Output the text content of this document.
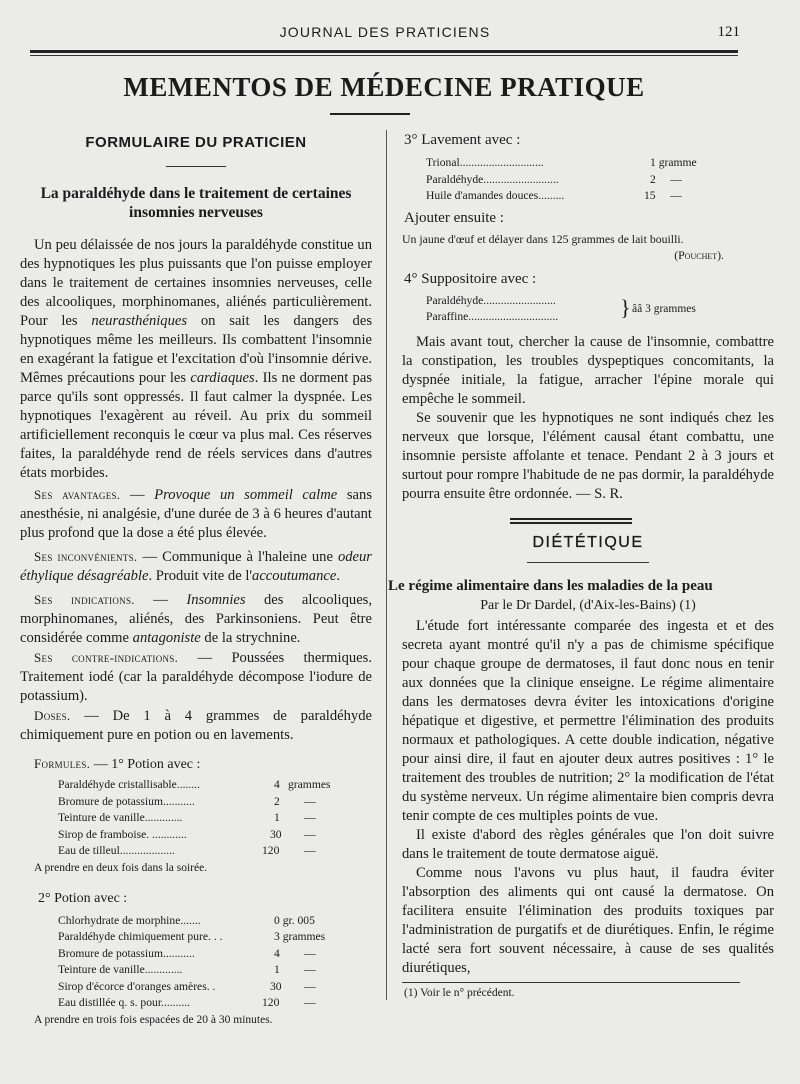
JOURNAL DES PRATICIENS	121
MEMENTOS DE MÉDECINE PRATIQUE
FORMULAIRE DU PRATICIEN
La paraldéhyde dans le traitement de certaines
insomnies nerveuses

Un peu délaissée de nos jours la paraldéhyde constitue un des hypnotiques les plus puissants que l'on puisse employer dans le traitement de certaines insomnies nerveuses, celle des alcooliques, morphinomanes, aliénés particulièrement. Pour les neurasthéniques on sait les dangers des hypnotiques même les meilleurs. Ils combattent l'insomnie en exagérant la fatigue et l'excitation d'où l'insomnie dérive. Mêmes précautions pour les cardiaques. Ils ne dorment pas parce qu'ils sont oppressés. Il faut calmer la dyspnée. Les hypnotiques l'exagèrent au réveil. Au prix du sommeil artificiellement reconquis le cœur va plus mal. Ces réserves faites, la paraldéhyde rend de réels services dans d'autres états morbides.

Ses avantages. — Provoque un sommeil calme sans anesthésie, ni analgésie, d'une durée de 3 à 6 heures d'autant plus profond que la dose a été plus élevée.

Ses inconvénients. — Communique à l'haleine une odeur éthylique désagréable. Produit vite de l'accoutumance.

Ses indications. — Insomnies des alcooliques, morphinomanes, aliénés, des Parkinsoniens. Peut être considérée comme antagoniste de la strychnine.

Ses contre-indications. — Poussées thermiques. Traitement iodé (car la paraldéhyde décompose l'iodure de potassium).

Doses. — De 1 à 4 grammes de paraldéhyde chimiquement pure en potion ou en lavements.

Formules. — 1° Potion avec :
Paraldéhyde cristallisable........	4 grammes
Bromure de potassium...........	2 —
Teinture de vanille.............	1 —
Sirop de framboise. ............	30 —
Eau de tilleul...................	120 —
A prendre en deux fois dans la soirée.
2° Potion avec :
Chlorhydrate de morphine.......	0 gr. 005
Paraldéhyde chimiquement pure. . .	3 grammes
Bromure de potassium...........	4 —
Teinture de vanille.............	1 —
Sirop d'écorce d'oranges amères. .	30 —
Eau distillée q. s. pour..........	120 —
A prendre en trois fois espacées de 20 à 30 minutes.
3° Lavement avec :
Trional.............................	1 gramme
Paraldéhyde..........................	2     —
Huile d'amandes douces.........	15     —
Ajouter ensuite :
Un jaune d'œuf et délayer dans 125 grammes de lait bouilli.
(Pouchet).
4° Suppositoire avec :
Paraldéhyde.........................
Paraffine...............................	} ââ 3 grammes

Mais avant tout, chercher la cause de l'insomnie, combattre la constipation, les troubles dyspeptiques concomitants, la dyspnée initiale, la fatigue, arracher l'épine morale qui empêche le sommeil.

Se souvenir que les hypnotiques ne sont indiqués chez les nerveux que lorsque, l'élément causal étant combattu, une insomnie persiste affolante et tenace. Pendant 2 à 3 jours et surtout pour rompre l'habitude de ne pas dormir, la paraldéhyde pourra ensuite être ordonnée. — S. R.

DIÉTÉTIQUE
Le régime alimentaire dans les maladies de la peau
Par le Dr Dardel, (d'Aix-les-Bains) (1)

L'étude fort intéressante comparée des ingesta et et des secreta ayant montré qu'il n'y a pas de chimisme spécifique pour chaque groupe de dermatoses, il faut donc nous en tenir aux données que la clinique enseigne. Le régime alimentaire dans les dermatoses devra éviter les intoxications d'origine hépatique et digestive, et permettre l'élimination des produits normaux et pathologiques. A cette double indication, négative pour ainsi dire, il faut en ajouter deux autres positives : 1° le traitement des troubles de nutrition; 2° la modification de l'état du système nerveux. Un régime alimentaire bien compris devra tenir compte de ces multiples points de vue.

Il existe d'abord des règles générales que l'on doit suivre dans le traitement de toute dermatose aiguë.

Comme nous l'avons vu plus haut, il faudra éviter l'absorption des aliments qui ont causé la dermatose. On facilitera ensuite l'élimination des produits toxiques par l'administration de purgatifs et de diurétiques. Enfin, le régime lacté sera fort souvent nécessaire, à cause de ses qualités diurétiques,

(1) Voir le n° précédent.
